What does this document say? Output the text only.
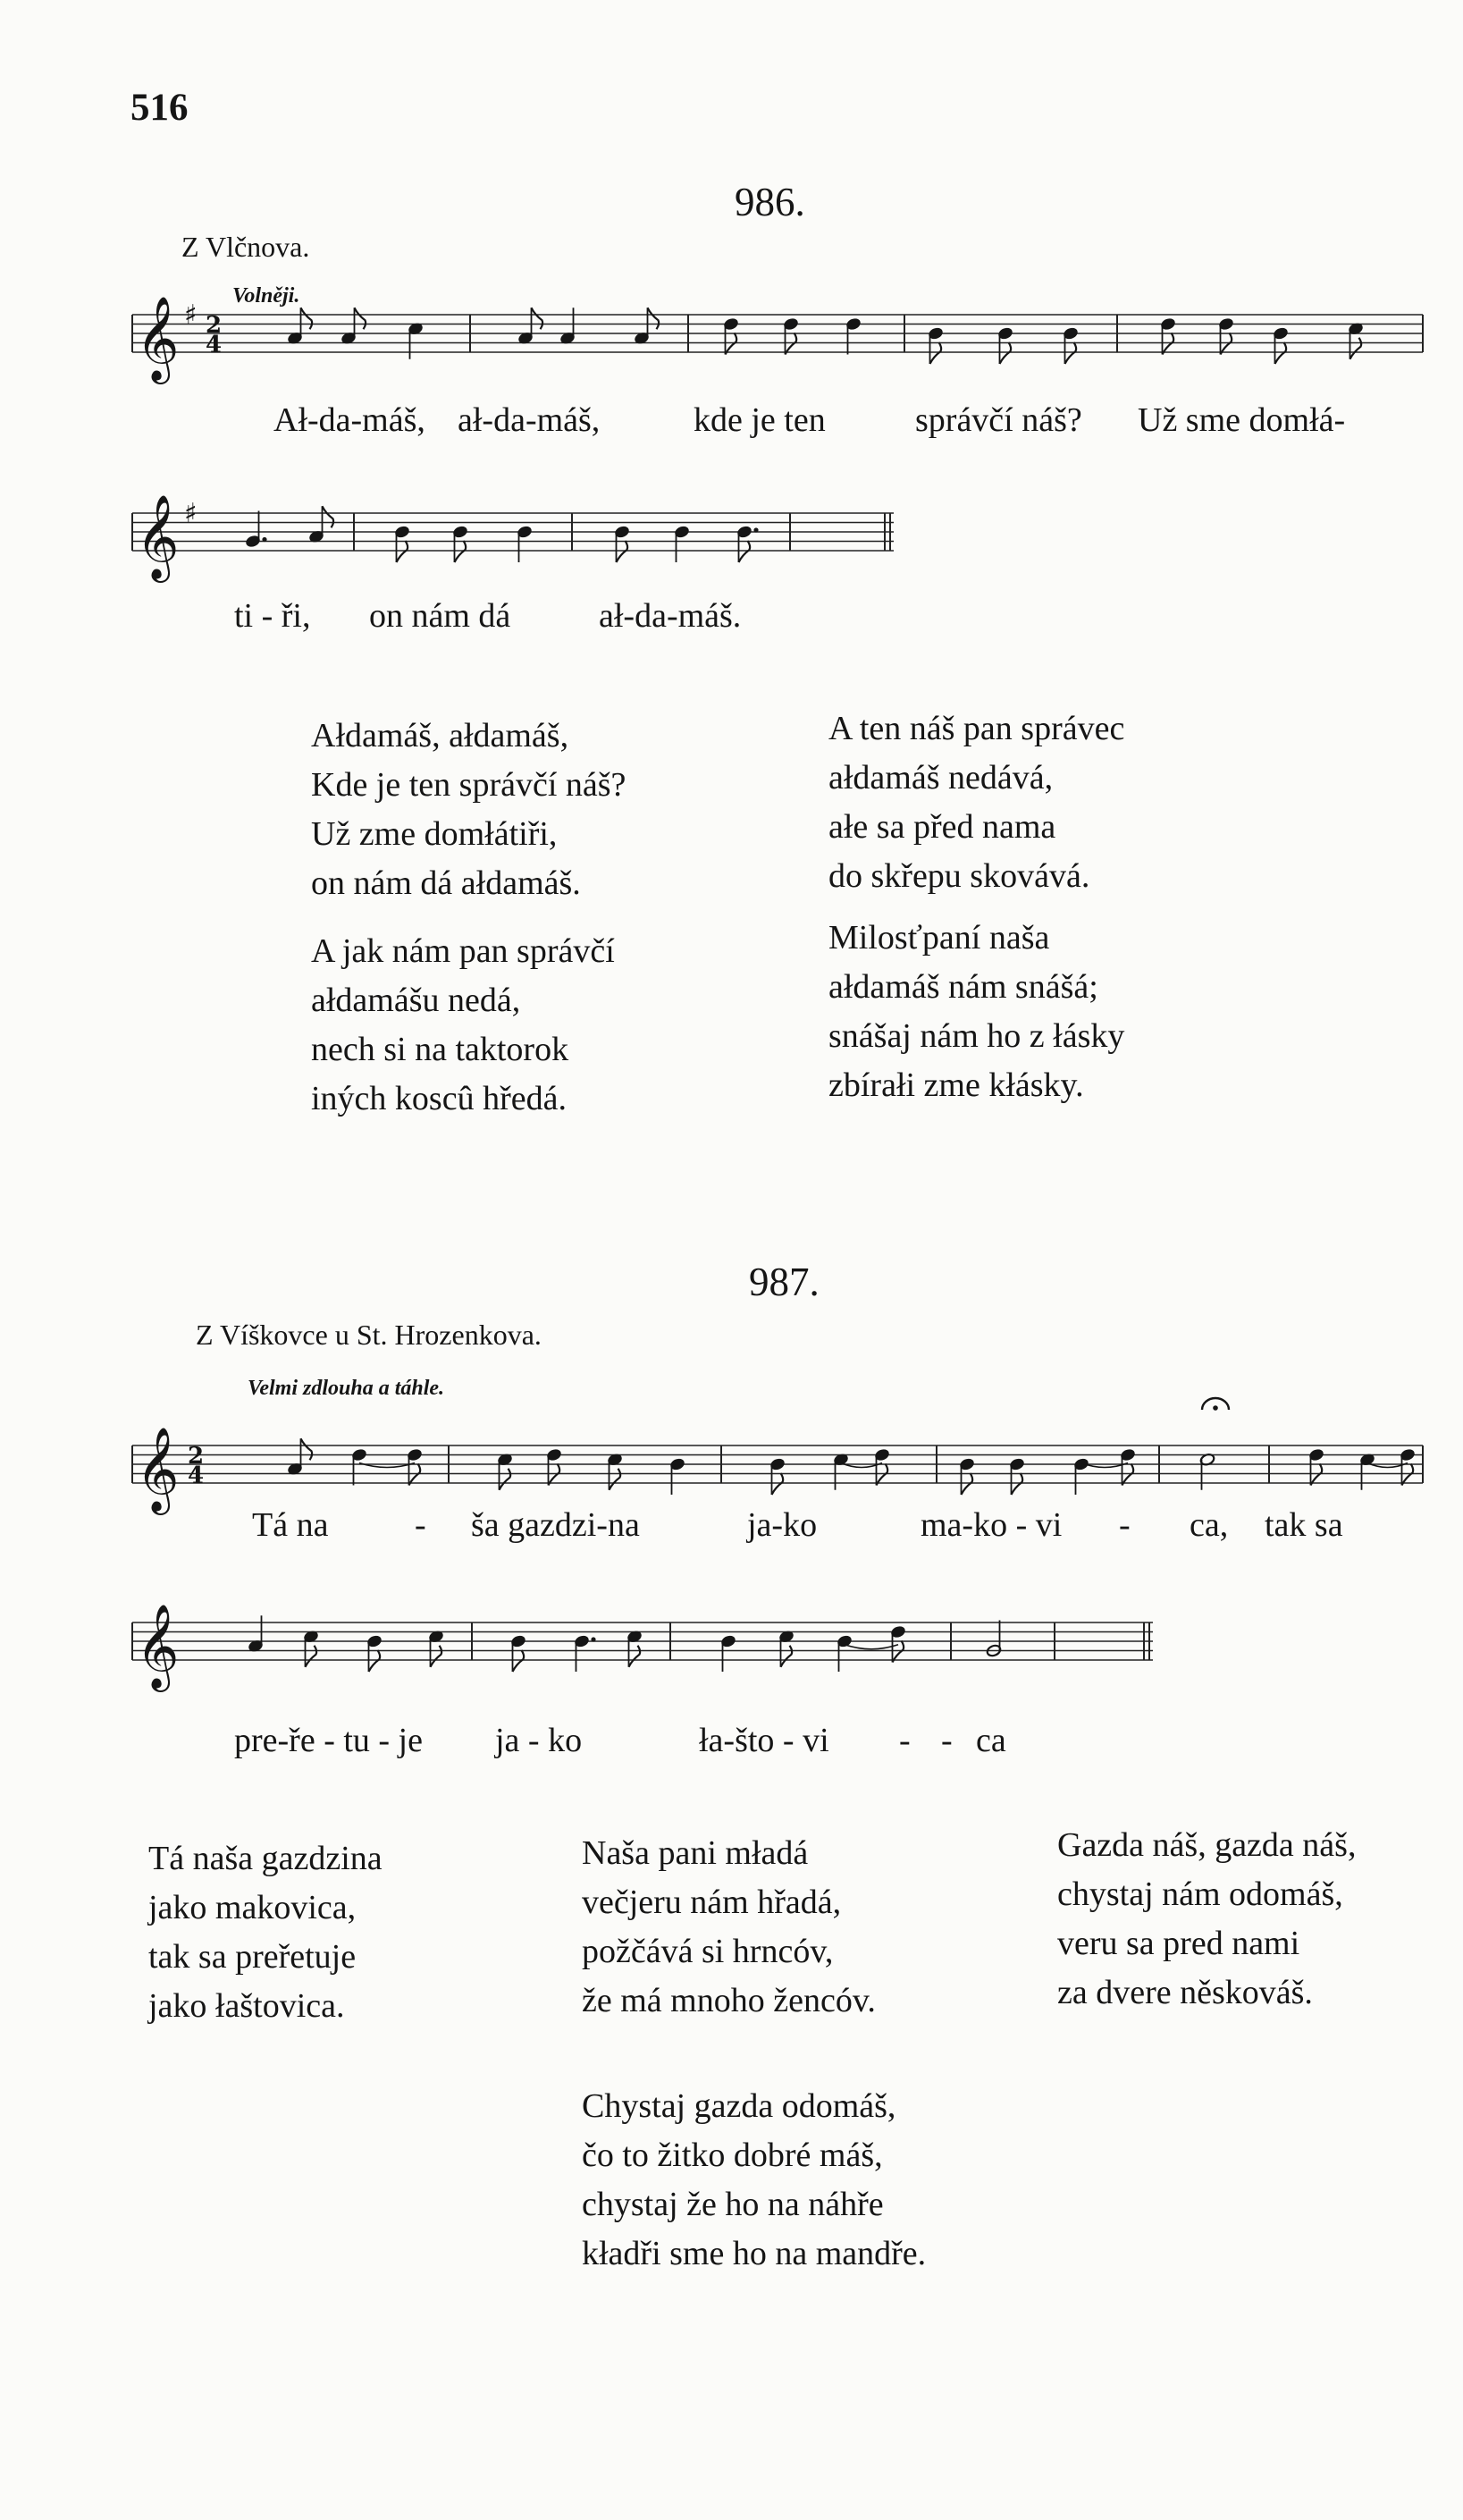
516
986.
Z Vlčnova.
Volněji.
𝄞 ♯ 2
4
Ał-da-máš, ał-da-máš,	kde je ten	správčí náš? Už sme domłá-
𝄞 ♯
ti - ři, on nám dá	ał-da-máš.
Ałdamáš, ałdamáš,
Kde je ten správčí náš?
Už zme domłátiři,
on nám dá ałdamáš.
A jak nám pan správčí
ałdamášu nedá,
nech si na taktorok
iných koscû hředá.
A ten náš pan správec
ałdamáš nedává,
ałe sa před nama
do skřepu skovává.
Milosťpaní naša
ałdamáš nám snášá;
snášaj nám ho z łásky
zbírałi zme kłásky.
987.
Z Víškovce u St. Hrozenkova.
Velmi zdlouha a táhle.
𝄞 2
4
Tá na	- ša gazdzi-na	ja-ko	ma-ko - vi - ca, tak sa
𝄞
pre-ře - tu - je ja - ko	ła-što - vi - - ca
Tá naša gazdzina
jako makovica,
tak sa preřetuje
jako łaštovica.
Naša pani mładá
večjeru nám hřadá,
požčává si hrncóv,
že má mnoho žencóv.
Chystaj gazda odomáš,
čo to žitko dobré máš,
chystaj že ho na náhře
kładři sme ho na mandře.
Gazda náš, gazda náš,
chystaj nám odomáš,
veru sa pred nami
za dvere něskováš.
